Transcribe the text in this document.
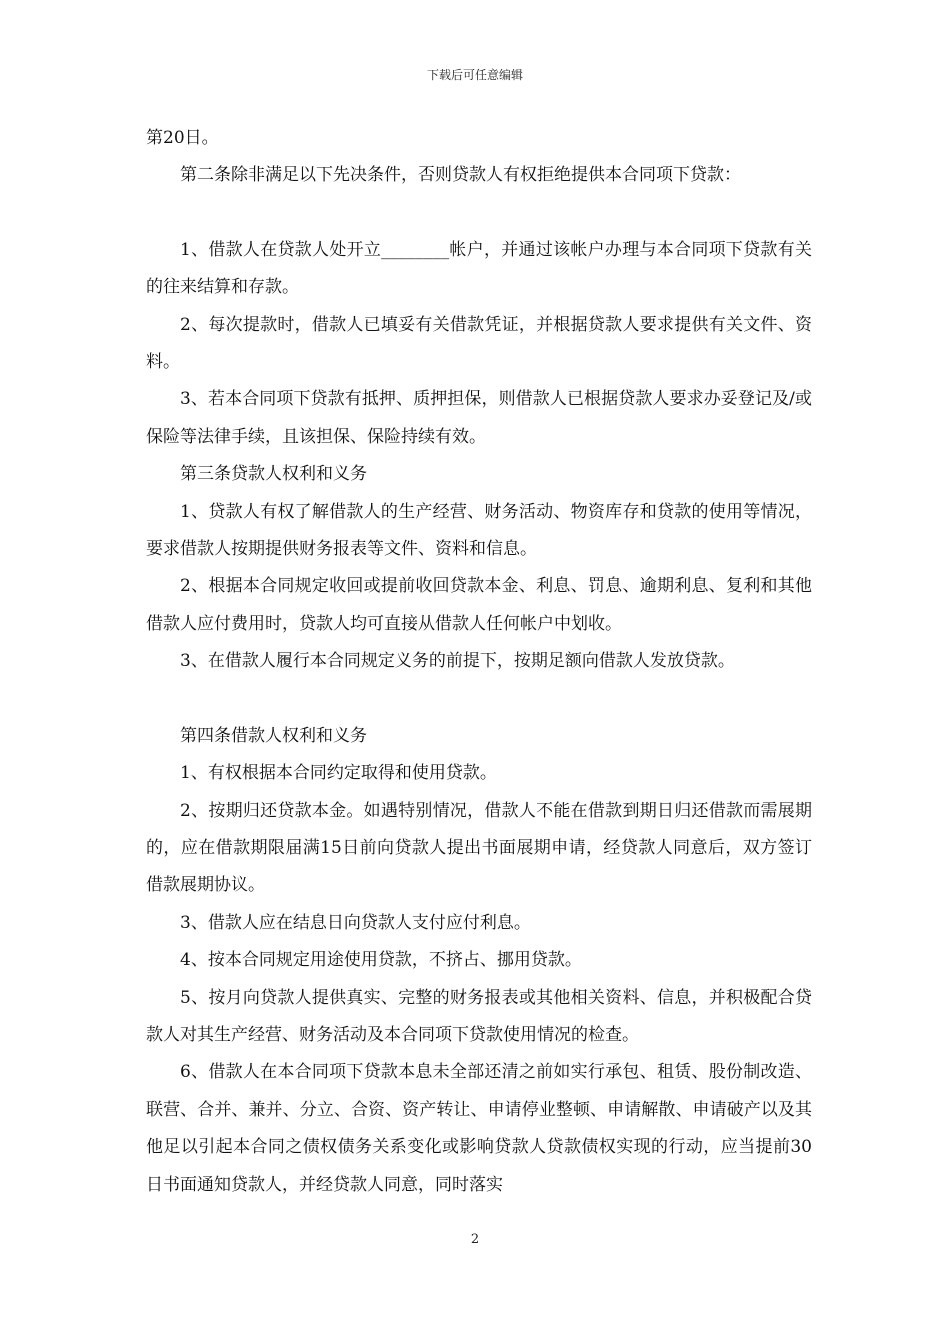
下载后可任意编辑

第20日。

第二条除非满足以下先决条件，否则贷款人有权拒绝提供本合同项下贷款：

1、借款人在贷款人处开立________帐户，并通过该帐户办理与本合同项下贷款有关的往来结算和存款。

2、每次提款时，借款人已填妥有关借款凭证，并根据贷款人要求提供有关文件、资料。

3、若本合同项下贷款有抵押、质押担保，则借款人已根据贷款人要求办妥登记及/或保险等法律手续，且该担保、保险持续有效。

第三条贷款人权利和义务

1、贷款人有权了解借款人的生产经营、财务活动、物资库存和贷款的使用等情况，要求借款人按期提供财务报表等文件、资料和信息。

2、根据本合同规定收回或提前收回贷款本金、利息、罚息、逾期利息、复利和其他借款人应付费用时，贷款人均可直接从借款人任何帐户中划收。

3、在借款人履行本合同规定义务的前提下，按期足额向借款人发放贷款。

第四条借款人权利和义务

1、有权根据本合同约定取得和使用贷款。

2、按期归还贷款本金。如遇特别情况，借款人不能在借款到期日归还借款而需展期的，应在借款期限届满15日前向贷款人提出书面展期申请，经贷款人同意后，双方签订借款展期协议。

3、借款人应在结息日向贷款人支付应付利息。

4、按本合同规定用途使用贷款，不挤占、挪用贷款。

5、按月向贷款人提供真实、完整的财务报表或其他相关资料、信息，并积极配合贷款人对其生产经营、财务活动及本合同项下贷款使用情况的检查。

6、借款人在本合同项下贷款本息未全部还清之前如实行承包、租赁、股份制改造、联营、合并、兼并、分立、合资、资产转让、申请停业整顿、申请解散、申请破产以及其他足以引起本合同之债权债务关系变化或影响贷款人贷款债权实现的行动，应当提前30日书面通知贷款人，并经贷款人同意，同时落实

2
